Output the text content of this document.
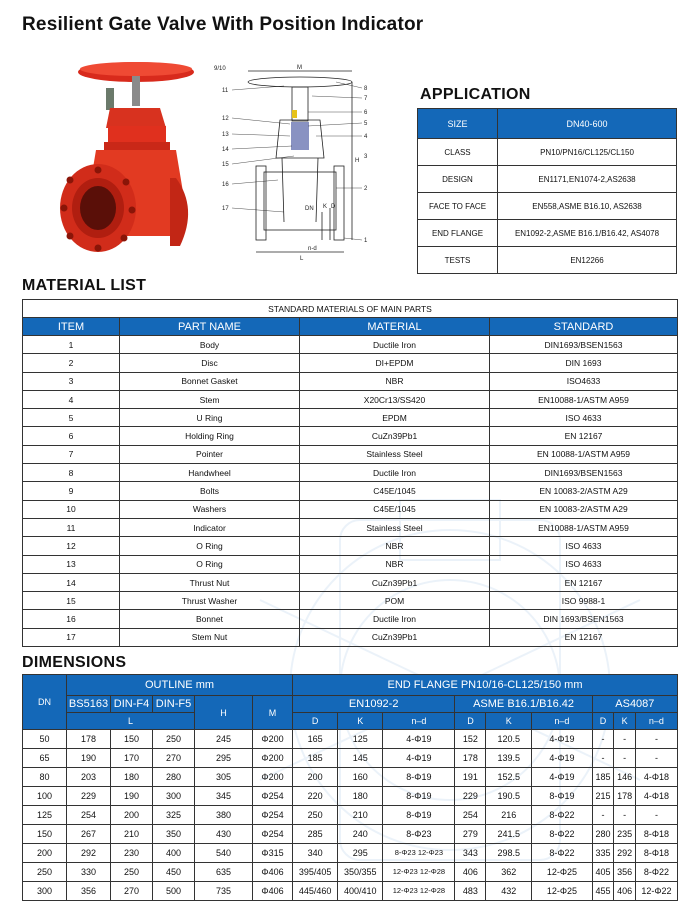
Resilient Gate Valve With Position Indicator
9/10	M
11
12
13
14
15
16
17
8
7
6
5
4
3
2
1
H
L
n-d
DN K D
APPLICATION
SIZE	DN40-600
CLASS	PN10/PN16/CL125/CL150
DESIGN	EN1171,EN1074-2,AS2638
FACE TO FACE	EN558,ASME B16.10, AS2638
END FLANGE	EN1092-2,ASME B16.1/B16.42, AS4078
TESTS	EN12266
MATERIAL LIST
STANDARD MATERIALS OF MAIN PARTS			
ITEM	PART NAME	MATERIAL	STANDARD
1	Body	Ductile Iron	DIN1693/BSEN1563
2	Disc	DI+EPDM	DIN 1693
3	Bonnet Gasket	NBR	ISO4633
4	Stem	X20Cr13/SS420	EN10088-1/ASTM A959
5	U Ring	EPDM	ISO 4633
6	Holding Ring	CuZn39Pb1	EN 12167
7	Pointer	Stainless Steel	EN 10088-1/ASTM A959
8	Handwheel	Ductile Iron	DIN1693/BSEN1563
9	Bolts	C45E/1045	EN 10083-2/ASTM A29
10	Washers	C45E/1045	EN 10083-2/ASTM A29
11	Indicator	Stainless Steel	EN10088-1/ASTM A959
12	O Ring	NBR	ISO 4633
13	O Ring	NBR	ISO 4633
14	Thrust Nut	CuZn39Pb1	EN 12167
15	Thrust Washer	POM	ISO 9988-1
16	Bonnet	Ductile Iron	DIN 1693/BSEN1563
17	Stem Nut	CuZn39Pb1	EN 12167
DIMENSIONS
DN	OUTLINE mm					END FLANGE PN10/16-CL125/150 mm								
	BS5163	DIN-F4	DIN-F5	H	M	EN1092-2			ASME B16.1/B16.42			AS4087		
	L					D	K	n–d	D	K	n–d	D	K	n–d
50	178	150	250	245	Φ200	165	125	4-Φ19	152	120.5	4-Φ19	-	-	-
65	190	170	270	295	Φ200	185	145	4-Φ19	178	139.5	4-Φ19	-	-	-
80	203	180	280	305	Φ200	200	160	8-Φ19	191	152.5	4-Φ19	185	146	4-Φ18
100	229	190	300	345	Φ254	220	180	8-Φ19	229	190.5	8-Φ19	215	178	4-Φ18
125	254	200	325	380	Φ254	250	210	8-Φ19	254	216	8-Φ22	-	-	-
150	267	210	350	430	Φ254	285	240	8-Φ23	279	241.5	8-Φ22	280	235	8-Φ18
200	292	230	400	540	Φ315	340	295	8-Φ23 12-Φ23	343	298.5	8-Φ22	335	292	8-Φ18
250	330	250	450	635	Φ406	395/405	350/355	12-Φ23 12-Φ28	406	362	12-Φ25	405	356	8-Φ22
300	356	270	500	735	Φ406	445/460	400/410	12-Φ23 12-Φ28	483	432	12-Φ25	455	406	12-Φ22
